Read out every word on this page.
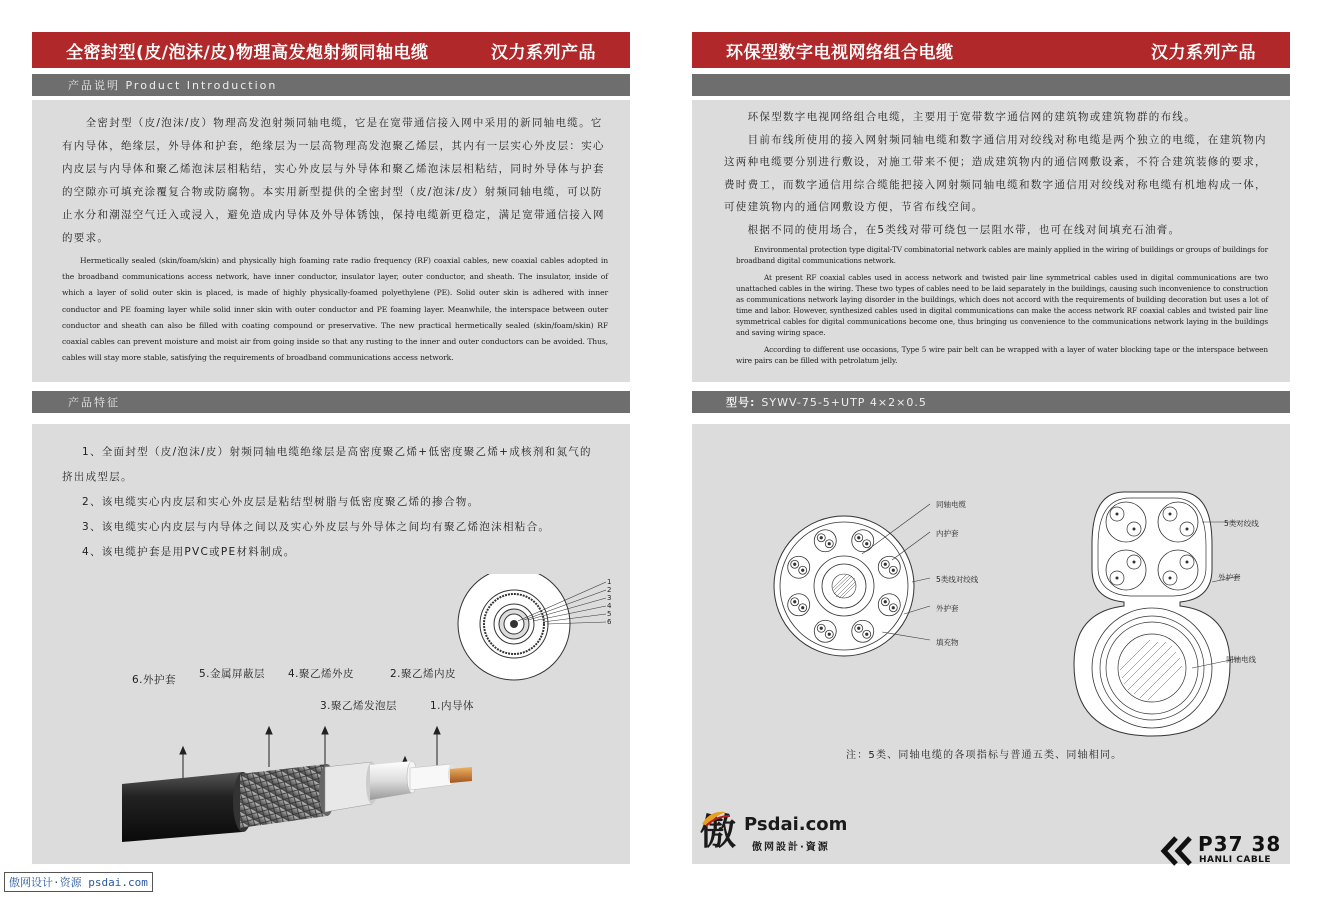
全密封型(皮/泡沫/皮)物理高发炮射频同轴电缆	汉力系列产品
产品说明 Product Introduction

　　全密封型（皮/泡沫/皮）物理高发泡射频同轴电缆，它是在宽带通信接入网中采用的新同轴电缆。它有内导体，绝缘层，外导体和护套，绝缘层为一层高物理高发泡聚乙烯层，其内有一层实心外皮层：实心内皮层与内导体和聚乙烯泡沫层相粘结，实心外皮层与外导体和聚乙烯泡沫层相粘结，同时外导体与护套的空隙亦可填充涂覆复合物或防腐物。本实用新型提供的全密封型（皮/泡沫/皮）射频同轴电缆，可以防止水分和潮湿空气迁入或浸入，避免造成内导体及外导体锈蚀，保持电缆新更稳定，满足宽带通信接入网的要求。

Hermetically sealed (skin/foam/skin) and physically high foaming rate radio frequency (RF) coaxial cables, new coaxial cables adopted in the broadband communications access network, have inner conductor, insulator layer, outer conductor, and sheath. The insulator, inside of which a layer of solid outer skin is placed, is made of highly physically-foamed polyethylene (PE). Solid outer skin is adhered with inner conductor and PE foaming layer while solid inner skin with outer conductor and PE foaming layer. Meanwhile, the interspace between outer conductor and sheath can also be filled with coating compound or preservative. The new practical hermetically sealed (skin/foam/skin) RF coaxial cables can prevent moisture and moist air from going inside so that any rusting to the inner and outer conductors can be avoided. Thus, cables will stay more stable, satisfying the requirements of broadband communications access network.

产品特征

1、全面封型（皮/泡沫/皮）射频同轴电缆绝缘层是高密度聚乙烯+低密度聚乙烯+成核剂和氮气的

挤出成型层。

2、该电缆实心内皮层和实心外皮层是粘结型树脂与低密度聚乙烯的掺合物。

3、该电缆实心内皮层与内导体之间以及实心外皮层与外导体之间均有聚乙烯泡沫相粘合。

4、该电缆护套是用PVC或PE材料制成。

1
2
3
4
5
6
6.外护套 5.金属屏蔽层 4.聚乙烯外皮	2.聚乙烯内皮
3.聚乙烯发泡层	1.内导体
环保型数字电视网络组合电缆	汉力系列产品

　　环保型数字电视网络组合电缆，主要用于宽带数字通信网的建筑物或建筑物群的布线。

　　目前布线所使用的接入网射频同轴电缆和数字通信用对绞线对称电缆是两个独立的电缆，在建筑物内这两种电缆要分别进行敷设，对施工带来不便；造成建筑物内的通信网敷设紊，不符合建筑装修的要求，费时费工，而数字通信用综合缆能把接入网射频同轴电缆和数字通信用对绞线对称电缆有机地构成一体，可使建筑物内的通信网敷设方便，节省布线空间。

　　根据不同的使用场合，在5类线对带可绕包一层阻水带，也可在线对间填充石油膏。

Environmental protection type digital-TV combinatorial network cables are mainly applied in the wiring of buildings or groups of buildings for broadband digital communications network.

At present RF coaxial cables used in access network and twisted pair line symmetrical cables used in digital communications are two unattached cables in the wiring. These two types of cables need to be laid separately in the buildings, causing such inconvenience to construction as communications network laying disorder in the buildings, which does not accord with the requirements of building decoration but uses a lot of time and labor. However, synthesized cables used in digital communications can make the access network RF coaxial cables and twisted pair line symmetrical cables for digital communications become one, thus bringing us convenience to the communications network laying in the buildings and saving wiring space.

According to different use occasions, Type 5 wire pair belt can be wrapped with a layer of water blocking tape or the interspace between wire pairs can be filled with petrolatum jelly.

型号: SYWV-75-5+UTP 4×2×0.5
同轴电缆
内护套
5类线对绞线
外护套
填充物
5类对绞线
外护套
同轴电线
注：5类、同轴电缆的各项指标与普通五类、同轴相同。
傲 Psdai.com
傲网設計·資源	P37 38
HANLI CABLE
傲网设计·资源 psdai.com
